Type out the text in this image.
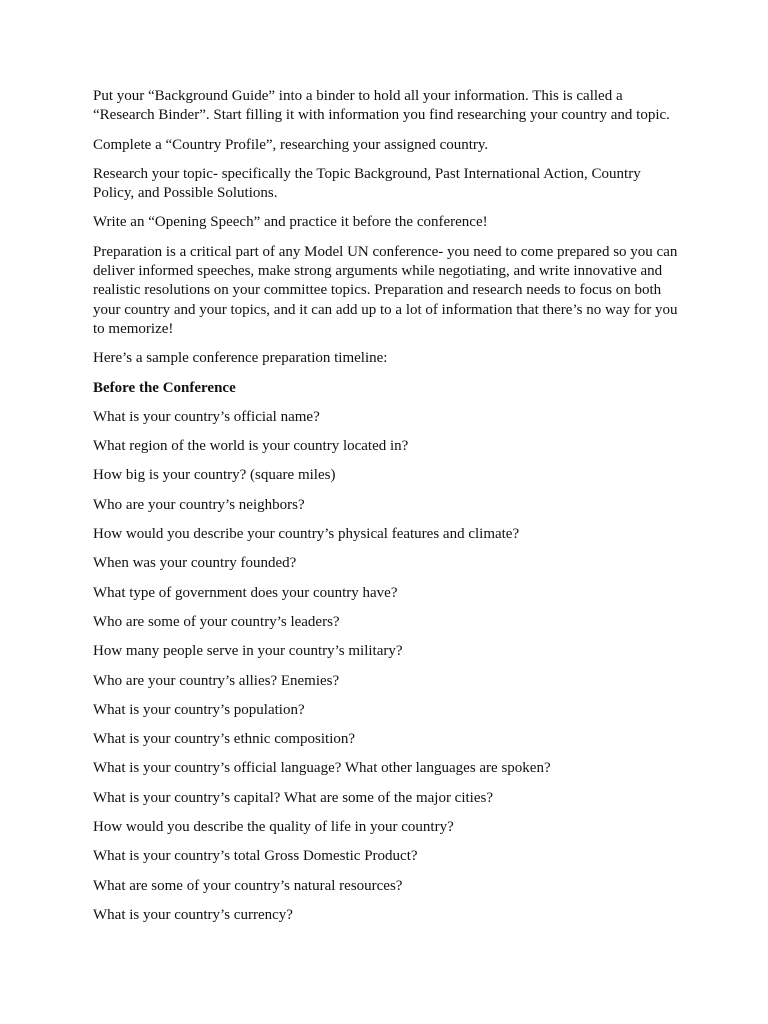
Put your “Background Guide” into a binder to hold all your information. This is called a “Research Binder”. Start filling it with information you find researching your country and topic.

Complete a “Country Profile”, researching your assigned country.

Research your topic- specifically the Topic Background, Past International Action, Country Policy, and Possible Solutions.

Write an “Opening Speech” and practice it before the conference!

Preparation is a critical part of any Model UN conference- you need to come prepared so you can deliver informed speeches, make strong arguments while negotiating, and write innovative and realistic resolutions on your committee topics. Preparation and research needs to focus on both your country and your topics, and it can add up to a lot of information that there’s no way for you to memorize!

Here’s a sample conference preparation timeline:

Before the Conference

What is your country’s official name?

What region of the world is your country located in?

How big is your country? (square miles)

Who are your country’s neighbors?

How would you describe your country’s physical features and climate?

When was your country founded?

What type of government does your country have?

Who are some of your country’s leaders?

How many people serve in your country’s military?

Who are your country’s allies? Enemies?

What is your country’s population?

What is your country’s ethnic composition?

What is your country’s official language? What other languages are spoken?

What is your country’s capital? What are some of the major cities?

How would you describe the quality of life in your country?

What is your country’s total Gross Domestic Product?

What are some of your country’s natural resources?

What is your country’s currency?
